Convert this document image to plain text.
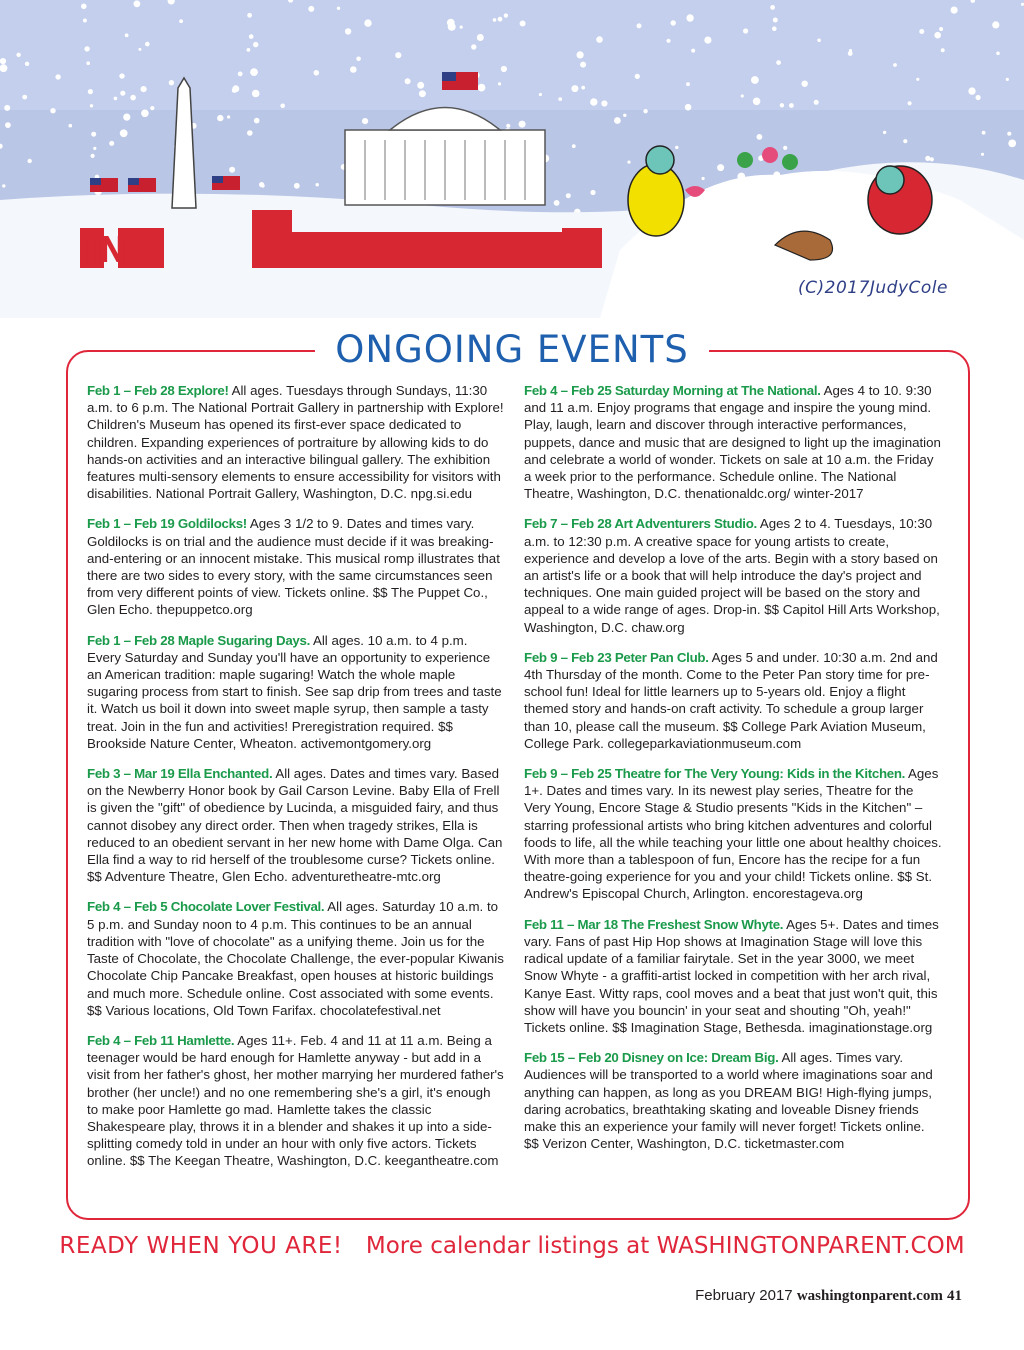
IN
(C)2017JudyCole
ONGOING EVENTS

Feb 1 – Feb 28 Explore! All ages. Tuesdays through Sundays, 11:30 a.m. to 6 p.m. The National Portrait Gallery in partnership with Explore! Children's Museum has opened its first-ever space dedicated to children. Expanding experiences of portraiture by allowing kids to do hands-on activities and an interactive bilingual gallery. The exhibition features multi-sensory elements to ensure accessibility for visitors with disabilities. National Portrait Gallery, Washington, D.C. npg.si.edu

Feb 1 – Feb 19 Goldilocks! Ages 3 1/2 to 9. Dates and times vary. Goldilocks is on trial and the audience must decide if it was breaking-and-entering or an innocent mistake. This musical romp illustrates that there are two sides to every story, with the same circumstances seen from very different points of view. Tickets online. $$ The Puppet Co., Glen Echo. thepuppetco.org

Feb 1 – Feb 28 Maple Sugaring Days. All ages. 10 a.m. to 4 p.m. Every Saturday and Sunday you'll have an opportunity to experience an American tradition: maple sugaring! Watch the whole maple sugaring process from start to finish. See sap drip from trees and taste it. Watch us boil it down into sweet maple syrup, then sample a tasty treat. Join in the fun and activities! Preregistration required. $$ Brookside Nature Center, Wheaton. activemontgomery.org

Feb 3 – Mar 19 Ella Enchanted. All ages. Dates and times vary. Based on the Newberry Honor book by Gail Carson Levine. Baby Ella of Frell is given the "gift" of obedience by Lucinda, a misguided fairy, and thus cannot disobey any direct order. Then when tragedy strikes, Ella is reduced to an obedient servant in her new home with Dame Olga. Can Ella find a way to rid herself of the troublesome curse? Tickets online. $$ Adventure Theatre, Glen Echo. adventuretheatre-mtc.org

Feb 4 – Feb 5 Chocolate Lover Festival. All ages. Saturday 10 a.m. to 5 p.m. and Sunday noon to 4 p.m. This continues to be an annual tradition with "love of chocolate" as a unifying theme. Join us for the Taste of Chocolate, the Chocolate Challenge, the ever-popular Kiwanis Chocolate Chip Pancake Breakfast, open houses at historic buildings and much more. Schedule online. Cost associated with some events. $$ Various locations, Old Town Farifax. chocolatefestival.net

Feb 4 – Feb 11 Hamlette. Ages 11+. Feb. 4 and 11 at 11 a.m. Being a teenager would be hard enough for Hamlette anyway - but add in a visit from her father's ghost, her mother marrying her murdered father's brother (her uncle!) and no one remembering she's a girl, it's enough to make poor Hamlette go mad. Hamlette takes the classic Shakespeare play, throws it in a blender and shakes it up into a side-splitting comedy told in under an hour with only five actors. Tickets online. $$ The Keegan Theatre, Washington, D.C. keegantheatre.com

Feb 4 – Feb 25 Saturday Morning at The National. Ages 4 to 10. 9:30 and 11 a.m. Enjoy programs that engage and inspire the young mind. Play, laugh, learn and discover through interactive performances, puppets, dance and music that are designed to light up the imagination and celebrate a world of wonder. Tickets on sale at 10 a.m. the Friday a week prior to the performance. Schedule online. The National Theatre, Washington, D.C. thenationaldc.org/ winter-2017

Feb 7 – Feb 28 Art Adventurers Studio. Ages 2 to 4. Tuesdays, 10:30 a.m. to 12:30 p.m. A creative space for young artists to create, experience and develop a love of the arts. Begin with a story based on an artist's life or a book that will help introduce the day's project and techniques. One main guided project will be based on the story and appeal to a wide range of ages. Drop-in. $$ Capitol Hill Arts Workshop, Washington, D.C. chaw.org

Feb 9 – Feb 23 Peter Pan Club. Ages 5 and under. 10:30 a.m. 2nd and 4th Thursday of the month. Come to the Peter Pan story time for pre-school fun! Ideal for little learners up to 5-years old. Enjoy a flight themed story and hands-on craft activity. To schedule a group larger than 10, please call the museum. $$ College Park Aviation Museum, College Park. collegeparkaviationmuseum.com

Feb 9 – Feb 25 Theatre for The Very Young: Kids in the Kitchen. Ages 1+. Dates and times vary. In its newest play series, Theatre for the Very Young, Encore Stage & Studio presents "Kids in the Kitchen" – starring professional artists who bring kitchen adventures and colorful foods to life, all the while teaching your little one about healthy choices. With more than a tablespoon of fun, Encore has the recipe for a fun theatre-going experience for you and your child! Tickets online. $$ St. Andrew's Episcopal Church, Arlington. encorestageva.org

Feb 11 – Mar 18 The Freshest Snow Whyte. Ages 5+. Dates and times vary. Fans of past Hip Hop shows at Imagination Stage will love this radical update of a familiar fairytale. Set in the year 3000, we meet Snow Whyte - a graffiti-artist locked in competition with her arch rival, Kanye East. Witty raps, cool moves and a beat that just won't quit, this show will have you bouncin' in your seat and shouting "Oh, yeah!" Tickets online. $$ Imagination Stage, Bethesda. imaginationstage.org

Feb 15 – Feb 20 Disney on Ice: Dream Big. All ages. Times vary. Audiences will be transported to a world where imaginations soar and anything can happen, as long as you DREAM BIG! High-flying jumps, daring acrobatics, breathtaking skating and loveable Disney friends make this an experience your family will never forget! Tickets online. $$ Verizon Center, Washington, D.C. ticketmaster.com

READY WHEN YOU ARE! More calendar listings at WASHINGTONPARENT.COM
February 2017 washingtonparent.com 41
